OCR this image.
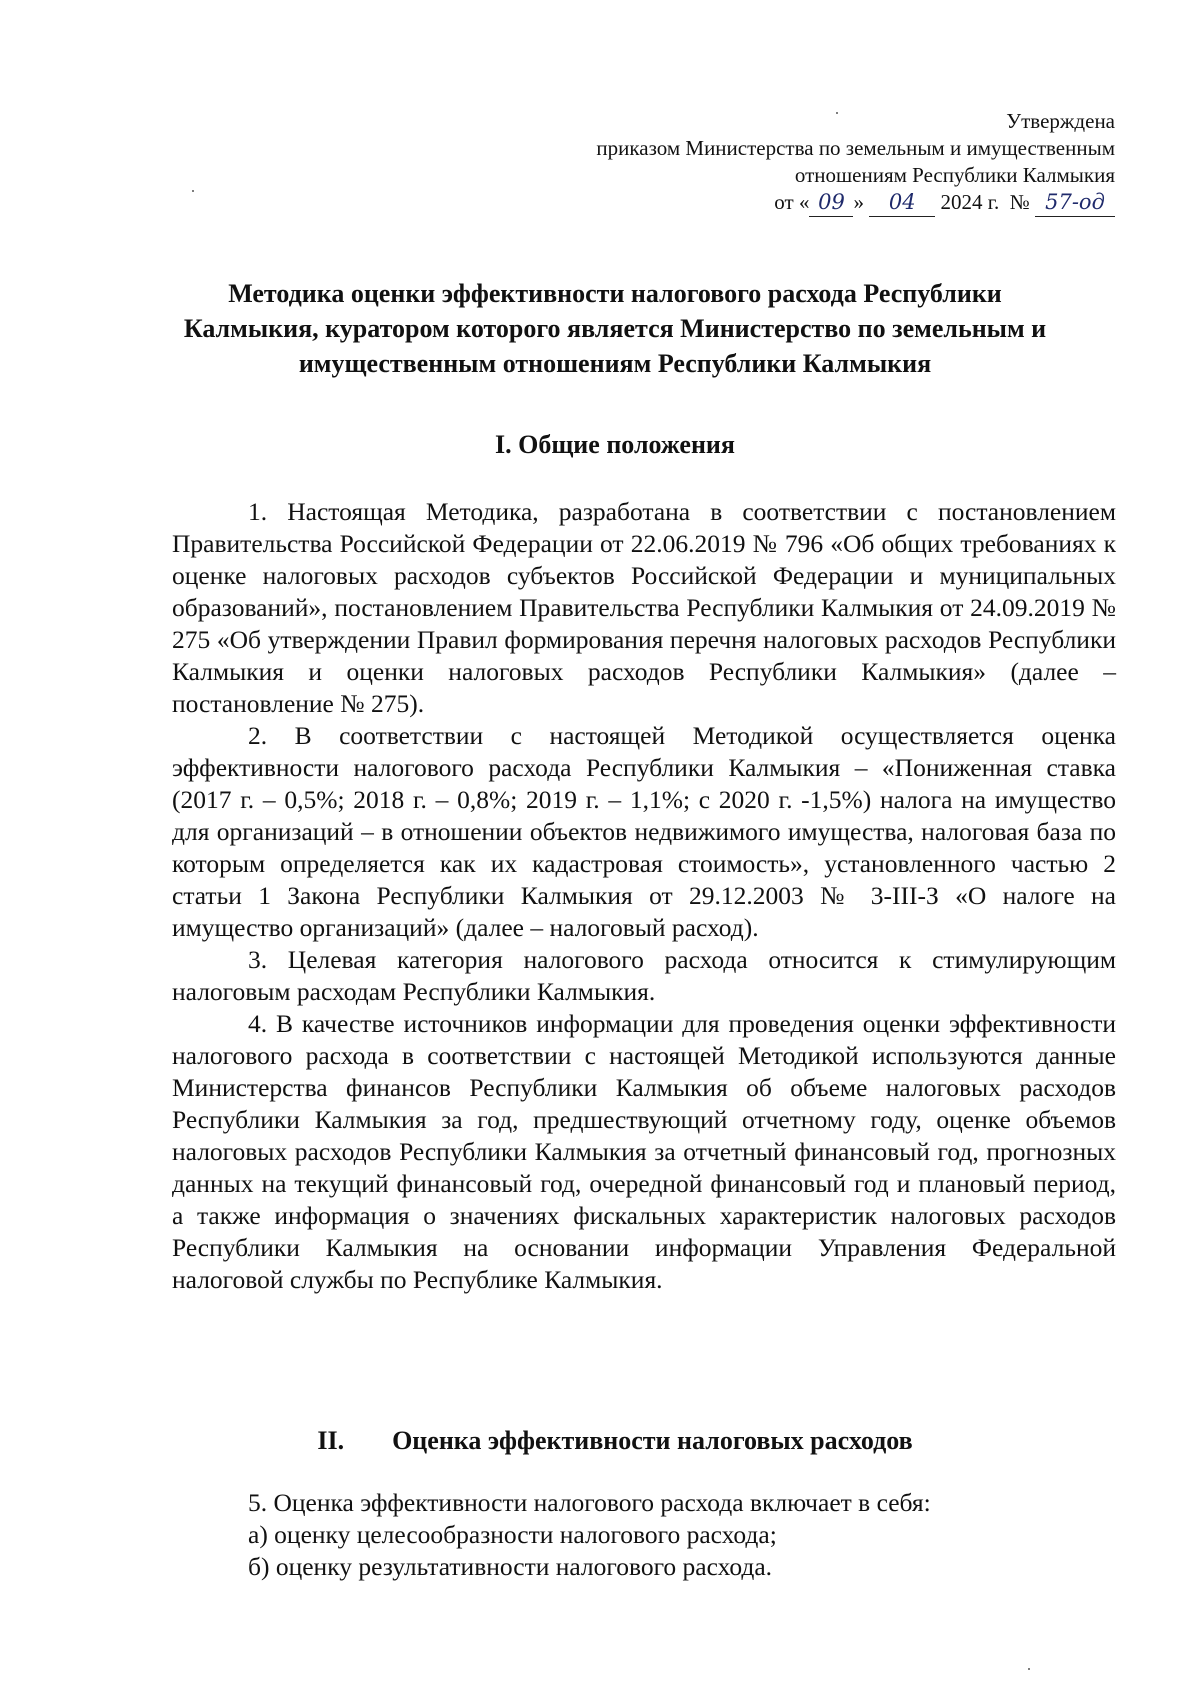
Утверждена
приказом Министерства по земельным и имущественным
отношениям Республики Калмыкия
от « 09 » 04 2024 г. № 57-од
Методика оценки эффективности налогового расхода Республики
Калмыкия, куратором которого является Министерство по земельным и
имущественным отношениям Республики Калмыкия
I. Общие положения

1. Настоящая Методика, разработана в соответствии с постановлением Правительства Российской Федерации от 22.06.2019 № 796 «Об общих требованиях к оценке налоговых расходов субъектов Российской Федерации и муниципальных образований», постановлением Правительства Республики Калмыкия от 24.09.2019 № 275 «Об утверждении Правил формирования перечня налоговых расходов Республики Калмыкия и оценки налоговых расходов Республики Калмыкия» (далее – постановление № 275).

2. В соответствии с настоящей Методикой осуществляется оценка эффективности налогового расхода Республики Калмыкия – «Пониженная ставка (2017 г. – 0,5%; 2018 г. – 0,8%; 2019 г. – 1,1%; с 2020 г. -1,5%) налога на имущество для организаций – в отношении объектов недвижимого имущества, налоговая база по которым определяется как их кадастровая стоимость», установленного частью 2 статьи 1 Закона Республики Калмыкия от 29.12.2003 № 3-III-З «О налоге на имущество организаций» (далее – налоговый расход).

3. Целевая категория налогового расхода относится к стимулирующим налоговым расходам Республики Калмыкия.

4. В качестве источников информации для проведения оценки эффективности налогового расхода в соответствии с настоящей Методикой используются данные Министерства финансов Республики Калмыкия об объеме налоговых расходов Республики Калмыкия за год, предшествующий отчетному году, оценке объемов налоговых расходов Республики Калмыкия за отчетный финансовый год, прогнозных данных на текущий финансовый год, очередной финансовый год и плановый период, а также информация о значениях фискальных характеристик налоговых расходов Республики Калмыкия на основании информации Управления Федеральной налоговой службы по Республике Калмыкия.

II. Оценка эффективности налоговых расходов

5. Оценка эффективности налогового расхода включает в себя:

а) оценку целесообразности налогового расхода;

б) оценку результативности налогового расхода.
